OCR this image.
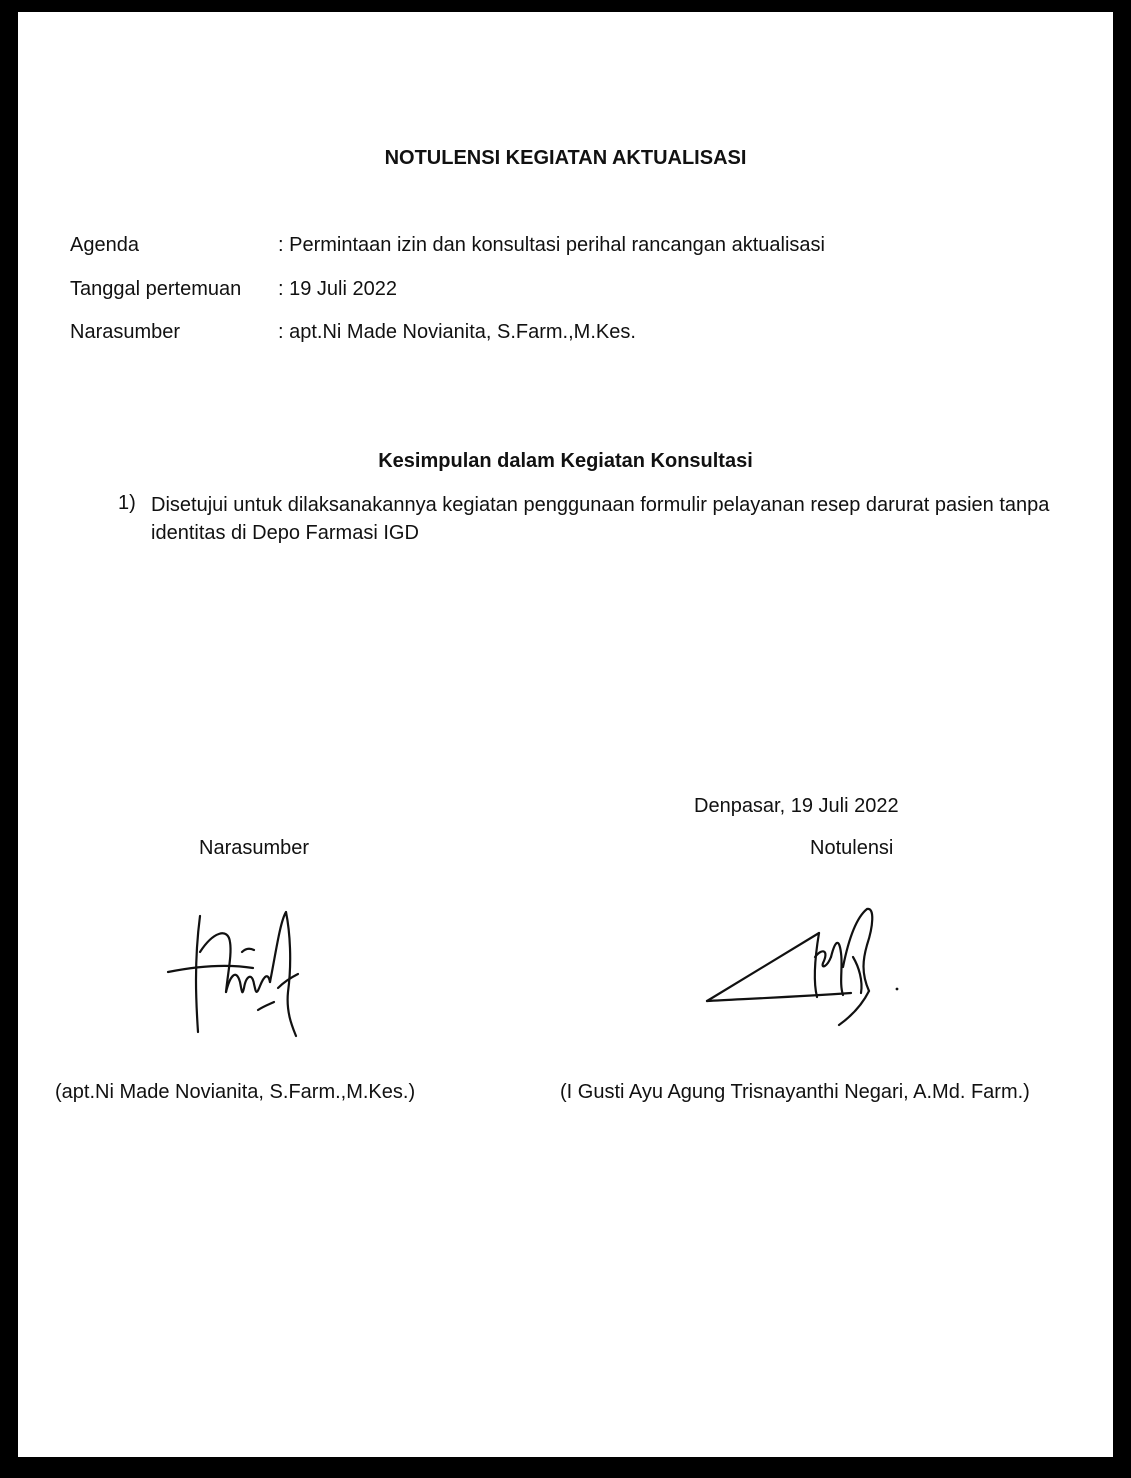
NOTULENSI KEGIATAN AKTUALISASI
Agenda	: Permintaan izin dan konsultasi perihal rancangan aktualisasi
Tanggal pertemuan : 19 Juli 2022
Narasumber	: apt.Ni Made Novianita, S.Farm.,M.Kes.
Kesimpulan dalam Kegiatan Konsultasi
1) Disetujui untuk dilaksanakannya kegiatan penggunaan formulir pelayanan resep darurat pasien tanpa identitas di Depo Farmasi IGD
Denpasar, 19 Juli 2022
Narasumber	Notulensi
(apt.Ni Made Novianita, S.Farm.,M.Kes.)	(I Gusti Ayu Agung Trisnayanthi Negari, A.Md. Farm.)
